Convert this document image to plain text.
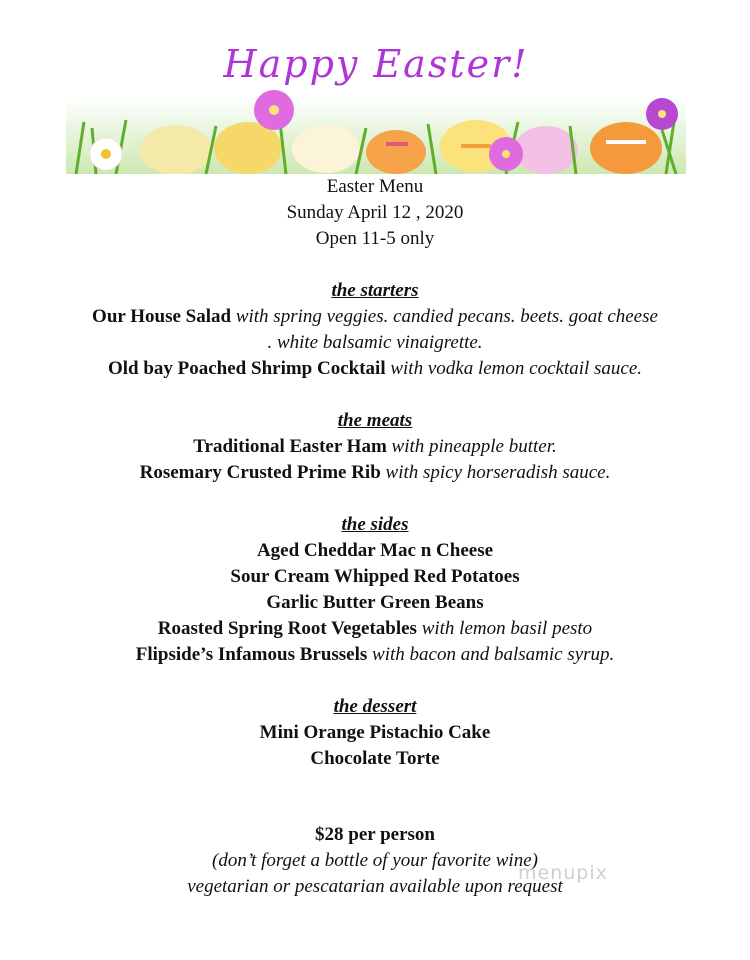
Happy Easter!
Easter Menu
Sunday April 12 , 2020
Open 11-5 only
the starters
Our House Salad with spring veggies. candied pecans. beets. goat cheese
. white balsamic vinaigrette.
Old bay Poached Shrimp Cocktail with vodka lemon cocktail sauce.
the meats
Traditional Easter Ham with pineapple butter.
Rosemary Crusted Prime Rib with spicy horseradish sauce.
the sides
Aged Cheddar Mac n Cheese
Sour Cream Whipped Red Potatoes
Garlic Butter Green Beans
Roasted Spring Root Vegetables with lemon basil pesto
Flipside’s Infamous Brussels with bacon and balsamic syrup.
the dessert
Mini Orange Pistachio Cake
Chocolate Torte
$28 per person
(don’t forget a bottle of your favorite wine)
vegetarian or pescatarian available upon request
menupix
